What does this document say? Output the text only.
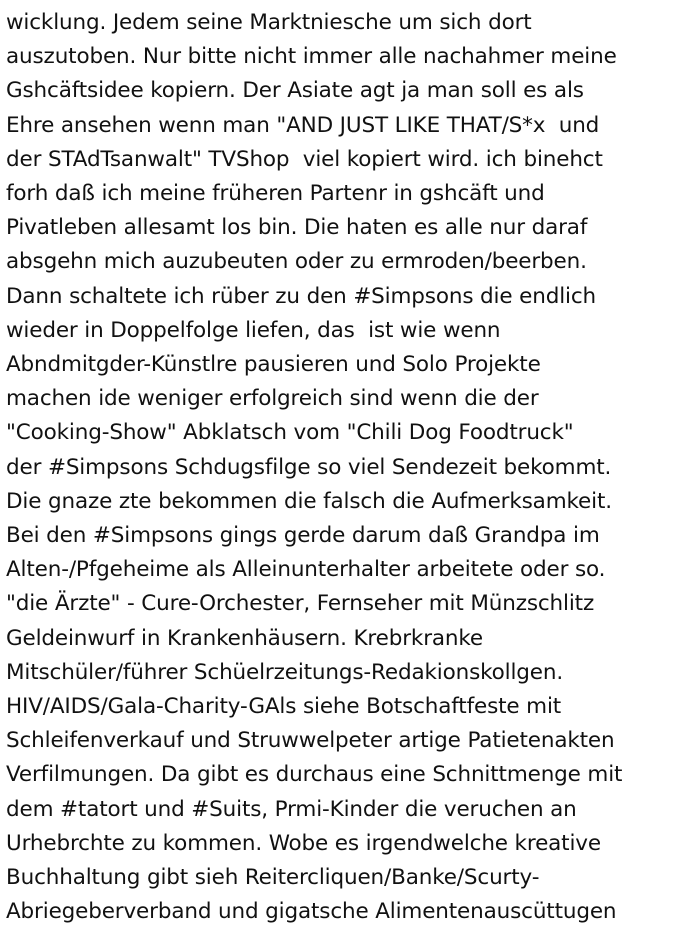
wicklung. Jedem seine Marktniesche um sich dort
auszutoben. Nur bitte nicht immer alle nachahmer meine
Gshcäftsidee kopiern. Der Asiate agt ja man soll es als
Ehre ansehen wenn man "AND JUST LIKE THAT/S*x  und
der STAdTsanwalt" TVShop  viel kopiert wird. ich binehct
forh daß ich meine früheren Partenr in gshcäft und
Pivatleben allesamt los bin. Die haten es alle nur daraf
absgehn mich auzubeuten oder zu ermroden/beerben.
Dann schaltete ich rüber zu den #Simpsons die endlich
wieder in Doppelfolge liefen, das  ist wie wenn
Abndmitgder-Künstlre pausieren und Solo Projekte
machen ide weniger erfolgreich sind wenn die der
"Cooking-Show" Abklatsch vom "Chili Dog Foodtruck"
der #Simpsons Schdugsfilge so viel Sendezeit bekommt.
Die gnaze zte bekommen die falsch die Aufmerksamkeit.
Bei den #Simpsons gings gerde darum daß Grandpa im
Alten-/Pfgeheime als Alleinunterhalter arbeitete oder so.
"die Ärzte" - Cure-Orchester, Fernseher mit Münzschlitz
Geldeinwurf in Krankenhäusern. Krebrkranke
Mitschüler/führer Schüelrzeitungs-Redakionskollgen.
HIV/AIDS/Gala-Charity-GAls siehe Botschaftfeste mit
Schleifenverkauf und Struwwelpeter artige Patietenakten
Verfilmungen. Da gibt es durchaus eine Schnittmenge mit
dem #tatort und #Suits, Prmi-Kinder die veruchen an
Urhebrchte zu kommen. Wobe es irgendwelche kreative
Buchhaltung gibt sieh Reitercliquen/Banke/Scurty-
Abriegeberverband und gigatsche Alimentenauscüttugen
